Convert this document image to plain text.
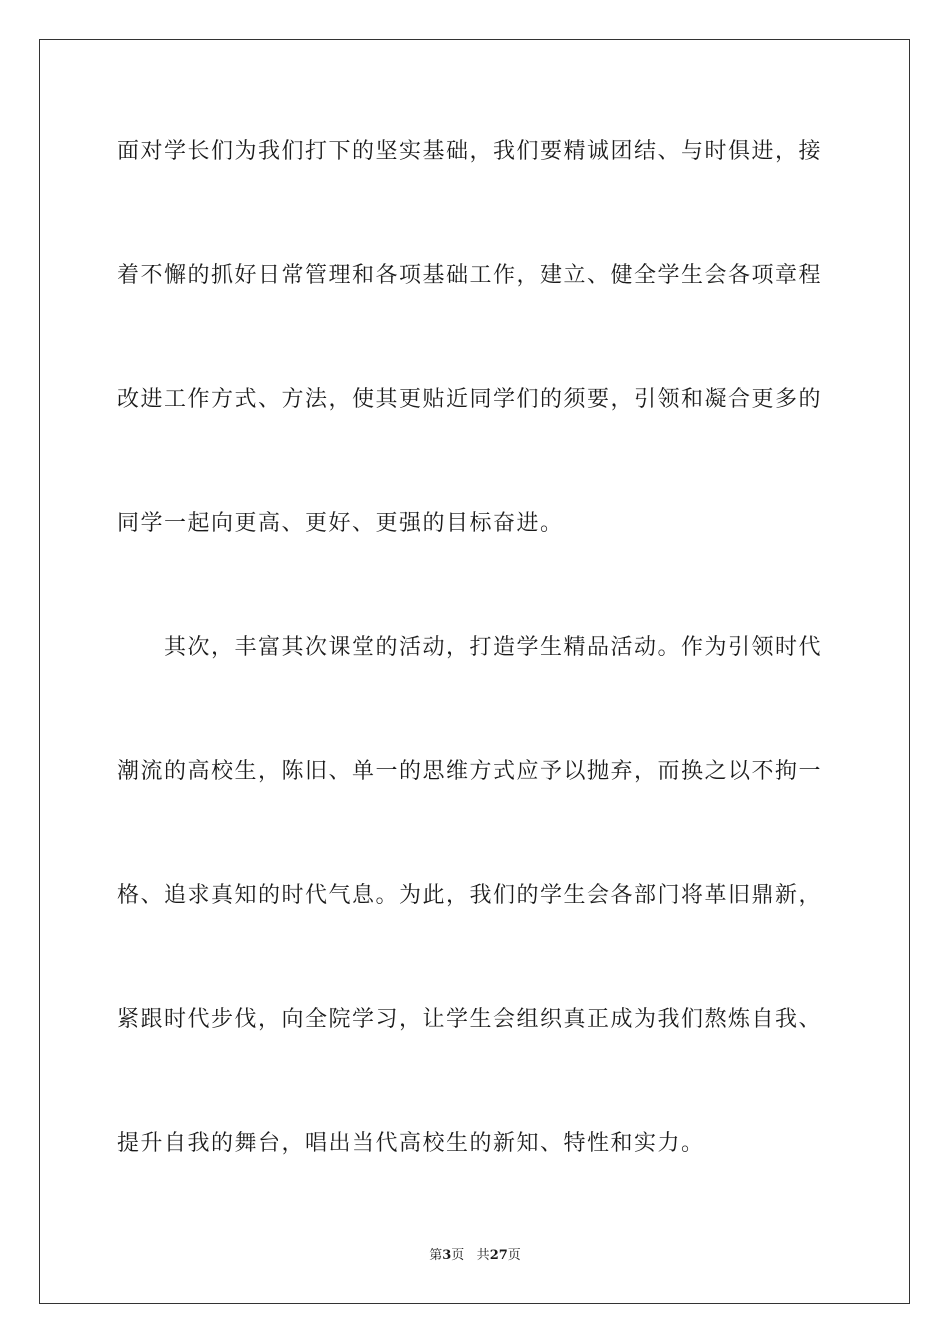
面对学长们为我们打下的坚实基础，我们要精诚团结、与时俱进，接
着不懈的抓好日常管理和各项基础工作，建立、健全学生会各项章程
改进工作方式、方法，使其更贴近同学们的须要，引领和凝合更多的
同学一起向更高、更好、更强的目标奋进。
其次，丰富其次课堂的活动，打造学生精品活动。作为引领时代
潮流的高校生，陈旧、单一的思维方式应予以抛弃，而换之以不拘一
格、追求真知的时代气息。为此，我们的学生会各部门将革旧鼎新，
紧跟时代步伐，向全院学习，让学生会组织真正成为我们熬炼自我、
提升自我的舞台，唱出当代高校生的新知、特性和实力。
第3页 共27页
